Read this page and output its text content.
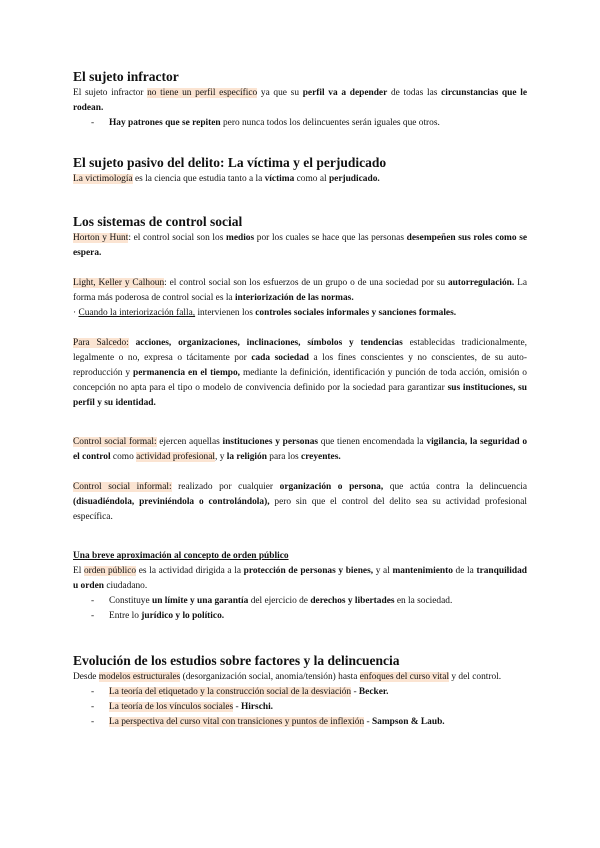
El sujeto infractor

El sujeto infractor no tiene un perfil específico ya que su perfil va a depender de todas las circunstancias que le rodean.

- Hay patrones que se repiten pero nunca todos los delincuentes serán iguales que otros.
El sujeto pasivo del delito: La víctima y el perjudicado

La victimología es la ciencia que estudia tanto a la víctima como al perjudicado.

Los sistemas de control social

Horton y Hunt: el control social son los medios por los cuales se hace que las personas desempeñen sus roles como se espera.

Light, Keller y Calhoun: el control social son los esfuerzos de un grupo o de una sociedad por su autorregulación. La forma más poderosa de control social es la interiorización de las normas.

· Cuando la interiorización falla, intervienen los controles sociales informales y sanciones formales.

Para Salcedo: acciones, organizaciones, inclinaciones, símbolos y tendencias establecidas tradicionalmente, legalmente o no, expresa o tácitamente por cada sociedad a los fines conscientes y no conscientes, de su auto-reproducción y permanencia en el tiempo, mediante la definición, identificación y punción de toda acción, omisión o concepción no apta para el tipo o modelo de convivencia definido por la sociedad para garantizar sus instituciones, su perfil y su identidad.

Control social formal: ejercen aquellas instituciones y personas que tienen encomendada la vigilancia, la seguridad o el control como actividad profesional, y la religión para los creyentes.

Control social informal: realizado por cualquier organización o persona, que actúa contra la delincuencia (disuadiéndola, previniéndola o controlándola), pero sin que el control del delito sea su actividad profesional específica.

Una breve aproximación al concepto de orden público

El orden público es la actividad dirigida a la protección de personas y bienes, y al mantenimiento de la tranquilidad u orden ciudadano.

- Constituye un límite y una garantía del ejercicio de derechos y libertades en la sociedad.
- Entre lo jurídico y lo político.
Evolución de los estudios sobre factores y la delincuencia

Desde modelos estructurales (desorganización social, anomia/tensión) hasta enfoques del curso vital y del control.

- La teoría del etiquetado y la construcción social de la desviación - Becker.
- La teoría de los vínculos sociales - Hirschi.
- La perspectiva del curso vital con transiciones y puntos de inflexión - Sampson & Laub.
